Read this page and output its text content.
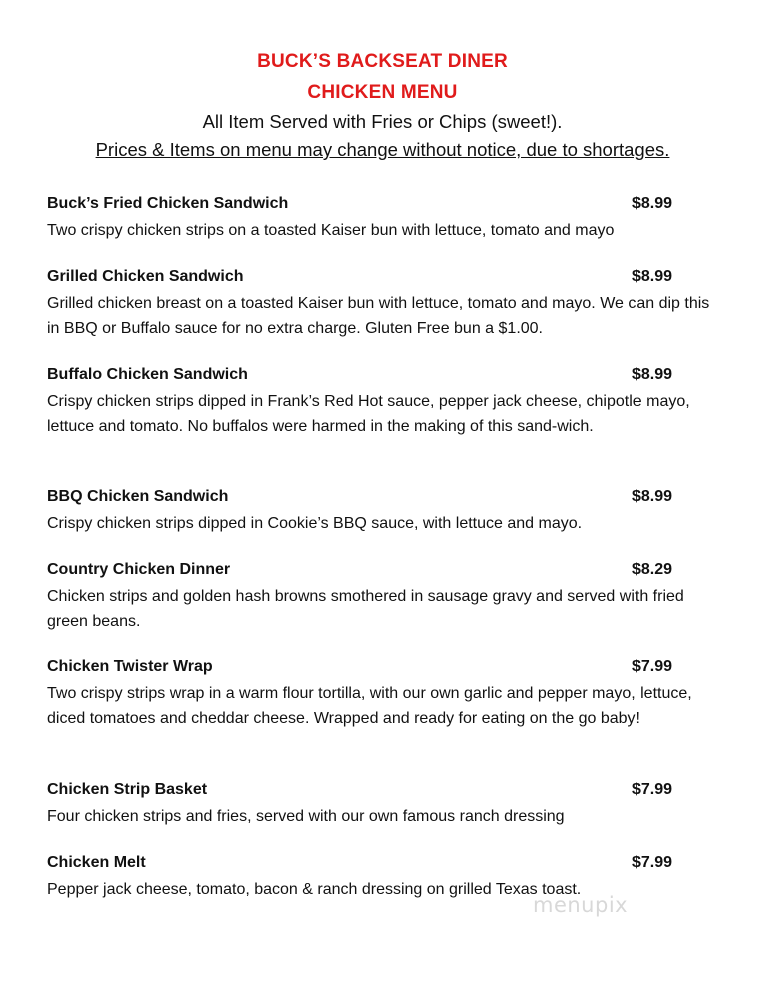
BUCK’S BACKSEAT DINER
CHICKEN MENU
All Item Served with Fries or Chips (sweet!).
Prices & Items on menu may change without notice, due to shortages.
Buck’s Fried Chicken Sandwich	$8.99
Two crispy chicken strips on a toasted Kaiser bun with lettuce, tomato and mayo
Grilled Chicken Sandwich	$8.99
Grilled chicken breast on a toasted Kaiser bun with lettuce, tomato and mayo. We can dip this in BBQ or Buffalo sauce for no extra charge. Gluten Free bun a $1.00.
Buffalo Chicken Sandwich	$8.99
Crispy chicken strips dipped in Frank’s Red Hot sauce, pepper jack cheese, chipotle mayo, lettuce and tomato. No buffalos were harmed in the making of this sand-wich.
BBQ Chicken Sandwich	$8.99
Crispy chicken strips dipped in Cookie’s BBQ sauce, with lettuce and mayo.
Country Chicken Dinner	$8.29
Chicken strips and golden hash browns smothered in sausage gravy and served with fried green beans.
Chicken Twister Wrap	$7.99
Two crispy strips wrap in a warm flour tortilla, with our own garlic and pepper mayo, lettuce, diced tomatoes and cheddar cheese. Wrapped and ready for eating on the go baby!
Chicken Strip Basket	$7.99
Four chicken strips and fries, served with our own famous ranch dressing
Chicken Melt	$7.99
Pepper jack cheese, tomato, bacon & ranch dressing on grilled Texas toast.
menupix
